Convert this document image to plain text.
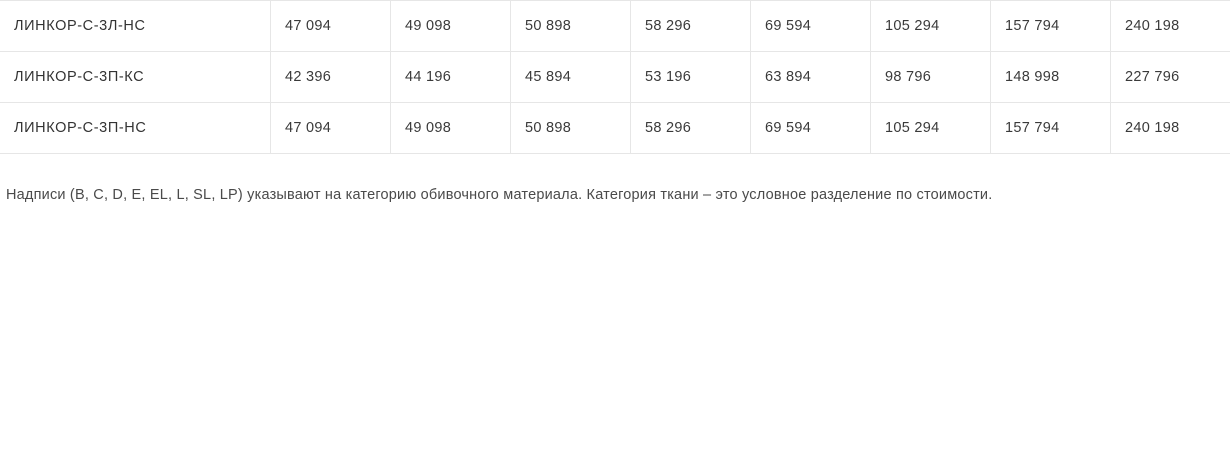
ЛИНКОР-С-3Л-НС	47 094	49 098	50 898	58 296	69 594	105 294	157 794	240 198
ЛИНКОР-С-3П-КС	42 396	44 196	45 894	53 196	63 894	98 796	148 998	227 796
ЛИНКОР-С-3П-НС	47 094	49 098	50 898	58 296	69 594	105 294	157 794	240 198

Надписи (B, C, D, E, EL, L, SL, LP) указывают на категорию обивочного материала. Категория ткани – это условное разделение по стоимости.
